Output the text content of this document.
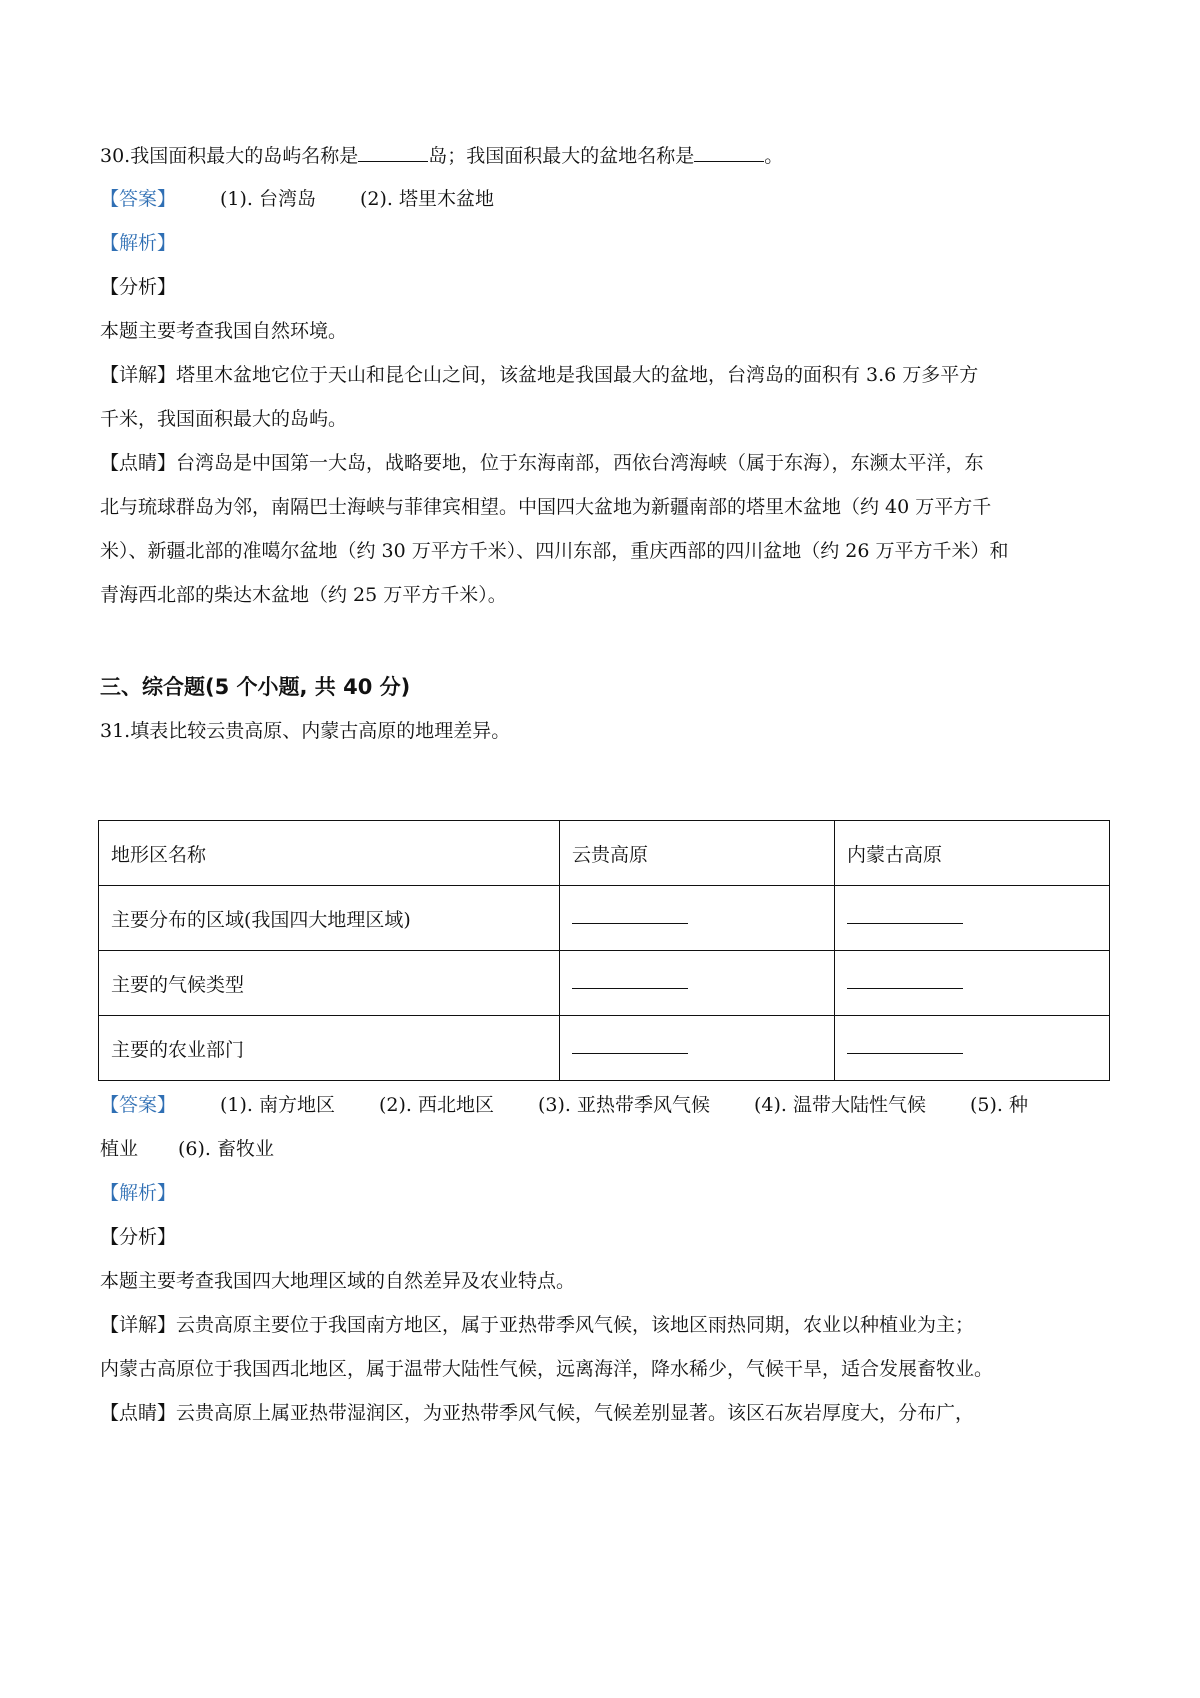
30.我国面积最大的岛屿名称是	岛；我国面积最大的盆地名称是	。
【答案】 (1). 台湾岛 (2). 塔里木盆地
【解析】
【分析】
本题主要考查我国自然环境。
【详解】塔里木盆地它位于天山和昆仑山之间，该盆地是我国最大的盆地，台湾岛的面积有 3.6 万多平方
千米，我国面积最大的岛屿。
【点睛】台湾岛是中国第一大岛，战略要地，位于东海南部，西依台湾海峡（属于东海），东濒太平洋，东
北与琉球群岛为邻，南隔巴士海峡与菲律宾相望。中国四大盆地为新疆南部的塔里木盆地（约 40 万平方千
米）、新疆北部的准噶尔盆地（约 30 万平方千米）、四川东部，重庆西部的四川盆地（约 26 万平方千米）和
青海西北部的柴达木盆地（约 25 万平方千米）。
三、综合题(5 个小题, 共 40 分)
31.填表比较云贵高原、内蒙古高原的地理差异。
地形区名称	云贵高原	内蒙古高原
主要分布的区域(我国四大地理区域)		
主要的气候类型		
主要的农业部门		
【答案】 (1). 南方地区 (2). 西北地区 (3). 亚热带季风气候 (4). 温带大陆性气候 (5). 种
植业 (6). 畜牧业
【解析】
【分析】
本题主要考查我国四大地理区域的自然差异及农业特点。
【详解】云贵高原主要位于我国南方地区，属于亚热带季风气候，该地区雨热同期，农业以种植业为主；
内蒙古高原位于我国西北地区，属于温带大陆性气候，远离海洋，降水稀少，气候干旱，适合发展畜牧业。
【点睛】云贵高原上属亚热带湿润区，为亚热带季风气候，气候差别显著。该区石灰岩厚度大，分布广，
